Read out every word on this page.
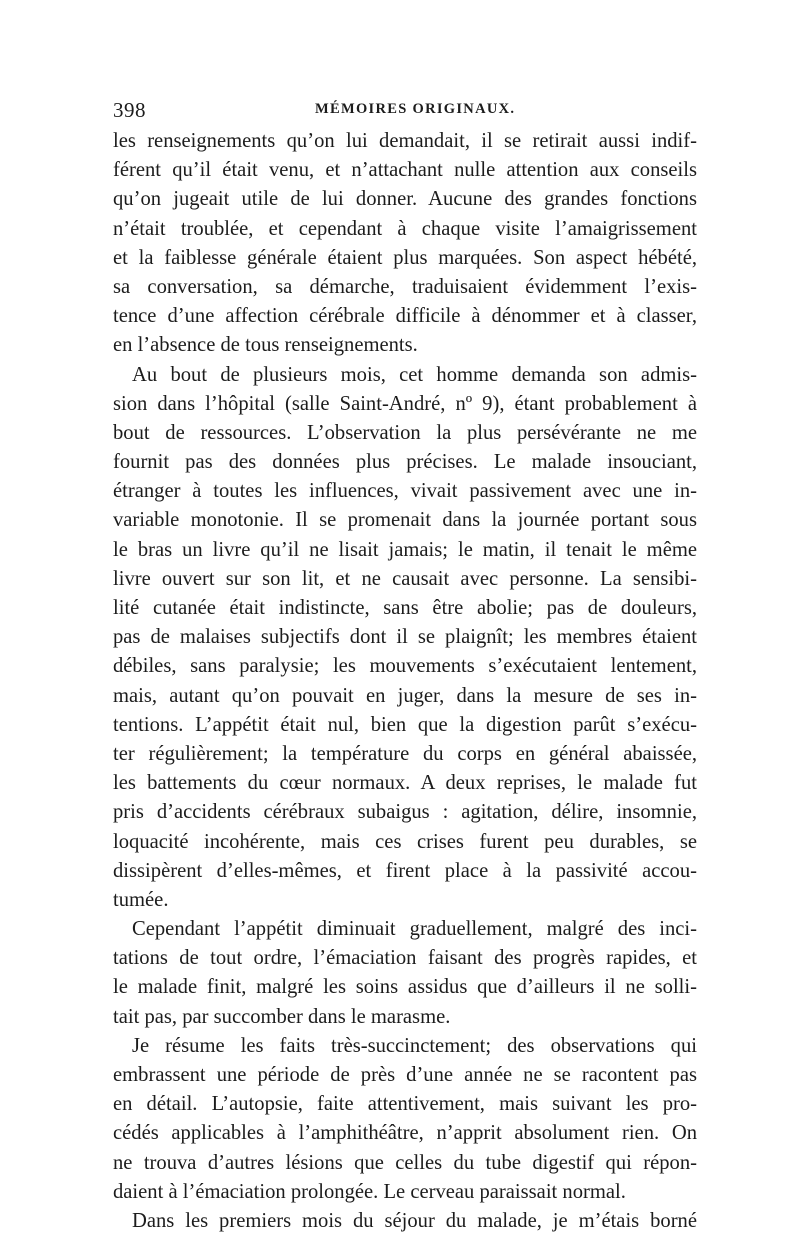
398	MÉMOIRES ORIGINAUX.
les renseignements qu’on lui demandait, il se retirait aussi indif-
férent qu’il était venu, et n’attachant nulle attention aux conseils
qu’on jugeait utile de lui donner. Aucune des grandes fonctions
n’était troublée, et cependant à chaque visite l’amaigrissement
et la faiblesse générale étaient plus marquées. Son aspect hébété,
sa conversation, sa démarche, traduisaient évidemment l’exis-
tence d’une affection cérébrale difficile à dénommer et à classer,
en l’absence de tous renseignements.
Au bout de plusieurs mois, cet homme demanda son admis-
sion dans l’hôpital (salle Saint-André, nº 9), étant probablement à
bout de ressources. L’observation la plus persévérante ne me
fournit pas des données plus précises. Le malade insouciant,
étranger à toutes les influences, vivait passivement avec une in-
variable monotonie. Il se promenait dans la journée portant sous
le bras un livre qu’il ne lisait jamais; le matin, il tenait le même
livre ouvert sur son lit, et ne causait avec personne. La sensibi-
lité cutanée était indistincte, sans être abolie; pas de douleurs,
pas de malaises subjectifs dont il se plaignît; les membres étaient
débiles, sans paralysie; les mouvements s’exécutaient lentement,
mais, autant qu’on pouvait en juger, dans la mesure de ses in-
tentions. L’appétit était nul, bien que la digestion parût s’exécu-
ter régulièrement; la température du corps en général abaissée,
les battements du cœur normaux. A deux reprises, le malade fut
pris d’accidents cérébraux subaigus : agitation, délire, insomnie,
loquacité incohérente, mais ces crises furent peu durables, se
dissipèrent d’elles-mêmes, et firent place à la passivité accou-
tumée.
Cependant l’appétit diminuait graduellement, malgré des inci-
tations de tout ordre, l’émaciation faisant des progrès rapides, et
le malade finit, malgré les soins assidus que d’ailleurs il ne solli-
tait pas, par succomber dans le marasme.
Je résume les faits très-succinctement; des observations qui
embrassent une période de près d’une année ne se racontent pas
en détail. L’autopsie, faite attentivement, mais suivant les pro-
cédés applicables à l’amphithéâtre, n’apprit absolument rien. On
ne trouva d’autres lésions que celles du tube digestif qui répon-
daient à l’émaciation prolongée. Le cerveau paraissait normal.
Dans les premiers mois du séjour du malade, je m’étais borné
